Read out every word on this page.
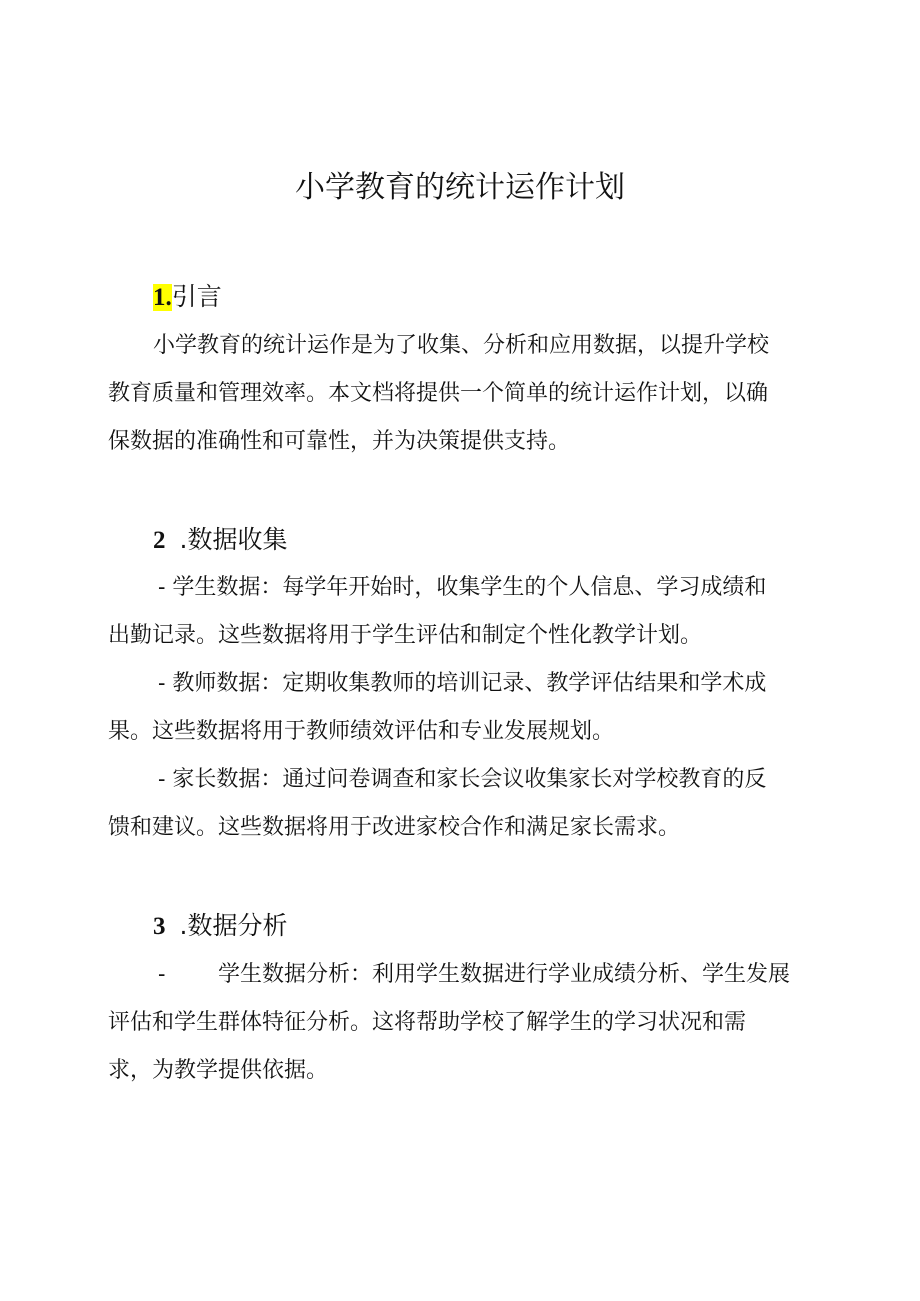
小学教育的统计运作计划
1.引言
小学教育的统计运作是为了收集、分析和应用数据，以提升学校
教育质量和管理效率。本文档将提供一个简单的统计运作计划，以确
保数据的准确性和可靠性，并为决策提供支持。
2 .数据收集
- 学生数据：每学年开始时，收集学生的个人信息、学习成绩和
出勤记录。这些数据将用于学生评估和制定个性化教学计划。
- 教师数据：定期收集教师的培训记录、教学评估结果和学术成
果。这些数据将用于教师绩效评估和专业发展规划。
- 家长数据：通过问卷调查和家长会议收集家长对学校教育的反
馈和建议。这些数据将用于改进家校合作和满足家长需求。
3 .数据分析
- 学生数据分析：利用学生数据进行学业成绩分析、学生发展
评估和学生群体特征分析。这将帮助学校了解学生的学习状况和需
求，为教学提供依据。
